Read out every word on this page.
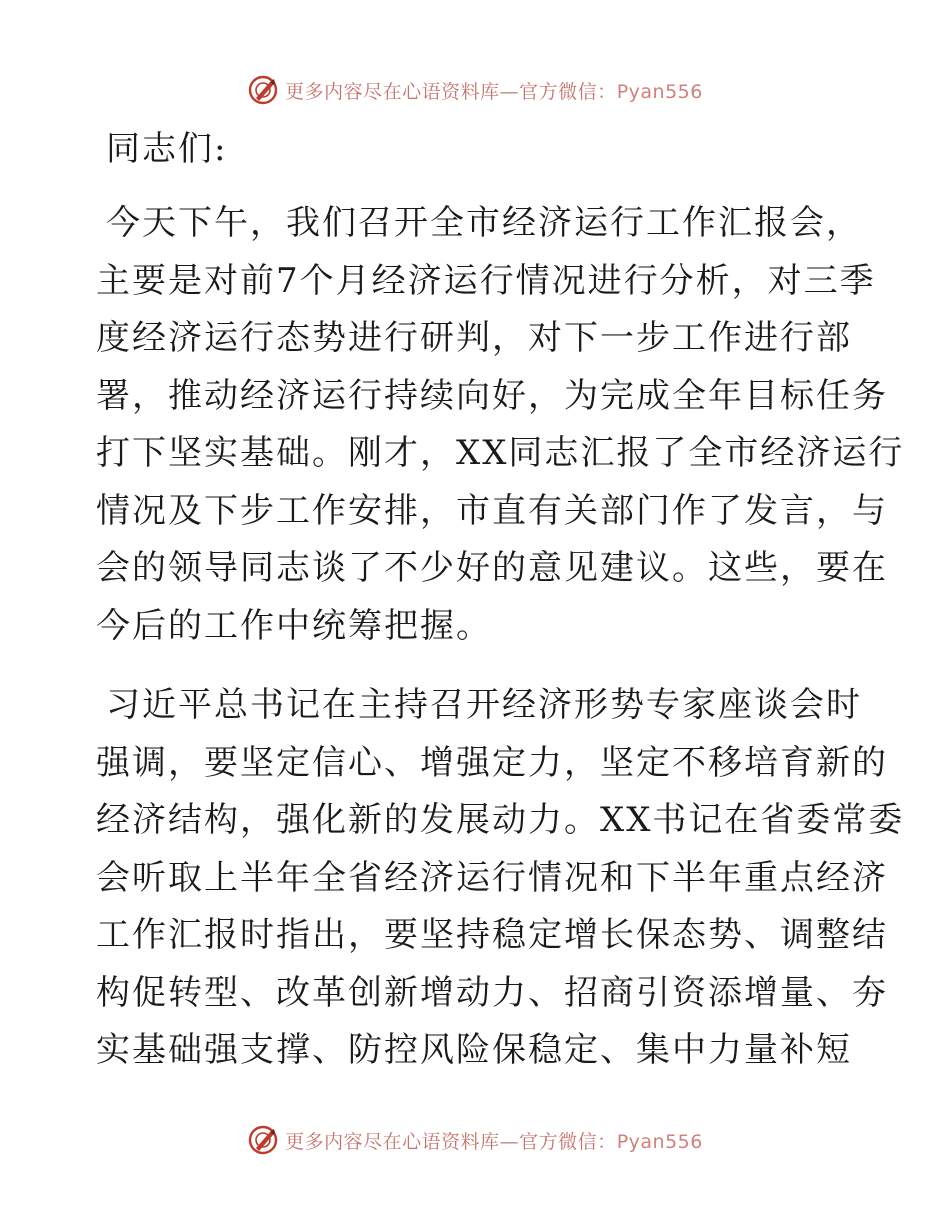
更多内容尽在心语资料库—官方微信：Pyan556
同志们:
今天下午，我们召开全市经济运行工作汇报会，
主要是对前7个月经济运行情况进行分析，对三季
度经济运行态势进行研判，对下一步工作进行部
署，推动经济运行持续向好，为完成全年目标任务
打下坚实基础。刚才，XX同志汇报了全市经济运行
情况及下步工作安排，市直有关部门作了发言，与
会的领导同志谈了不少好的意见建议。这些，要在
今后的工作中统筹把握。
习近平总书记在主持召开经济形势专家座谈会时
强调，要坚定信心、增强定力，坚定不移培育新的
经济结构，强化新的发展动力。XX书记在省委常委
会听取上半年全省经济运行情况和下半年重点经济
工作汇报时指出，要坚持稳定增长保态势、调整结
构促转型、改革创新增动力、招商引资添增量、夯
实基础强支撑、防控风险保稳定、集中力量补短
更多内容尽在心语资料库—官方微信：Pyan556
